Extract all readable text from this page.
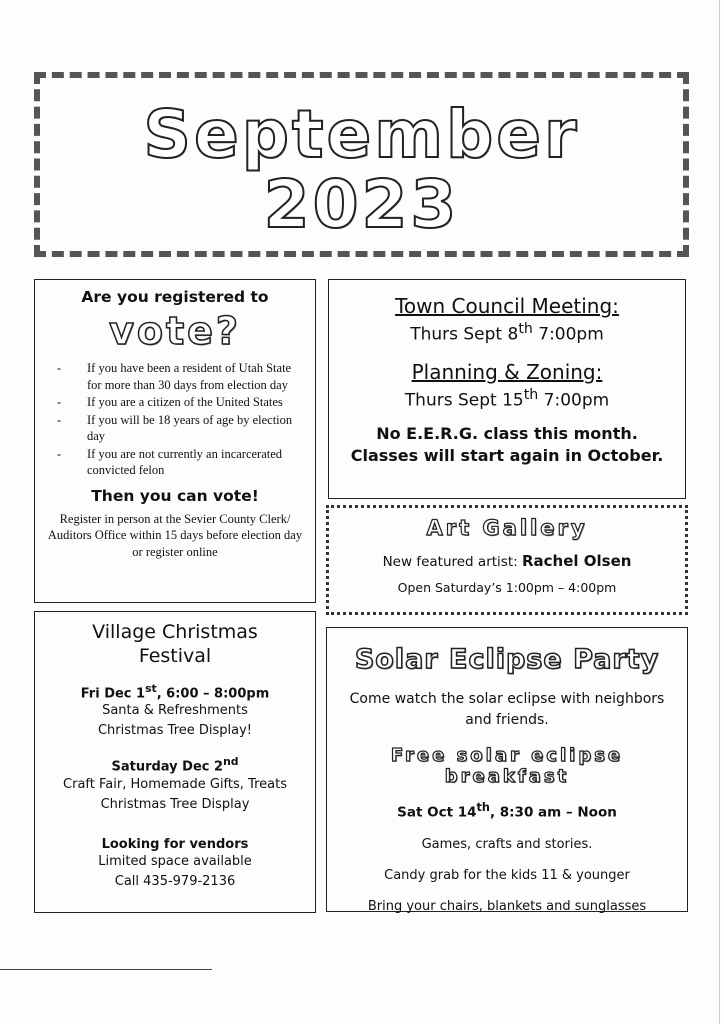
September

2023

Are you registered to
vote?
- If you have been a resident of Utah State for more than 30 days from election day
- If you are a citizen of the United States
- If you will be 18 years of age by election day
- If you are not currently an incarcerated convicted felon
Then you can vote!
Register in person at the Sevier County Clerk/ Auditors Office within 15 days before election day or register online
Town Council Meeting:
Thurs Sept 8th 7:00pm
Planning & Zoning:
Thurs Sept 15th 7:00pm
No E.E.R.G. class this month. Classes will start again in October.
Art Gallery
New featured artist: Rachel Olsen
Open Saturday’s 1:00pm – 4:00pm
Village Christmas Festival
Fri Dec 1st, 6:00 – 8:00pm
Santa & Refreshments
Christmas Tree Display!
Saturday Dec 2nd
Craft Fair, Homemade Gifts, Treats
Christmas Tree Display
Looking for vendors
Limited space available
Call 435-979-2136
Solar Eclipse Party
Come watch the solar eclipse with neighbors and friends.
Free solar eclipse breakfast
Sat Oct 14th, 8:30 am – Noon
Games, crafts and stories.
Candy grab for the kids 11 & younger
Bring your chairs, blankets and sunglasses
